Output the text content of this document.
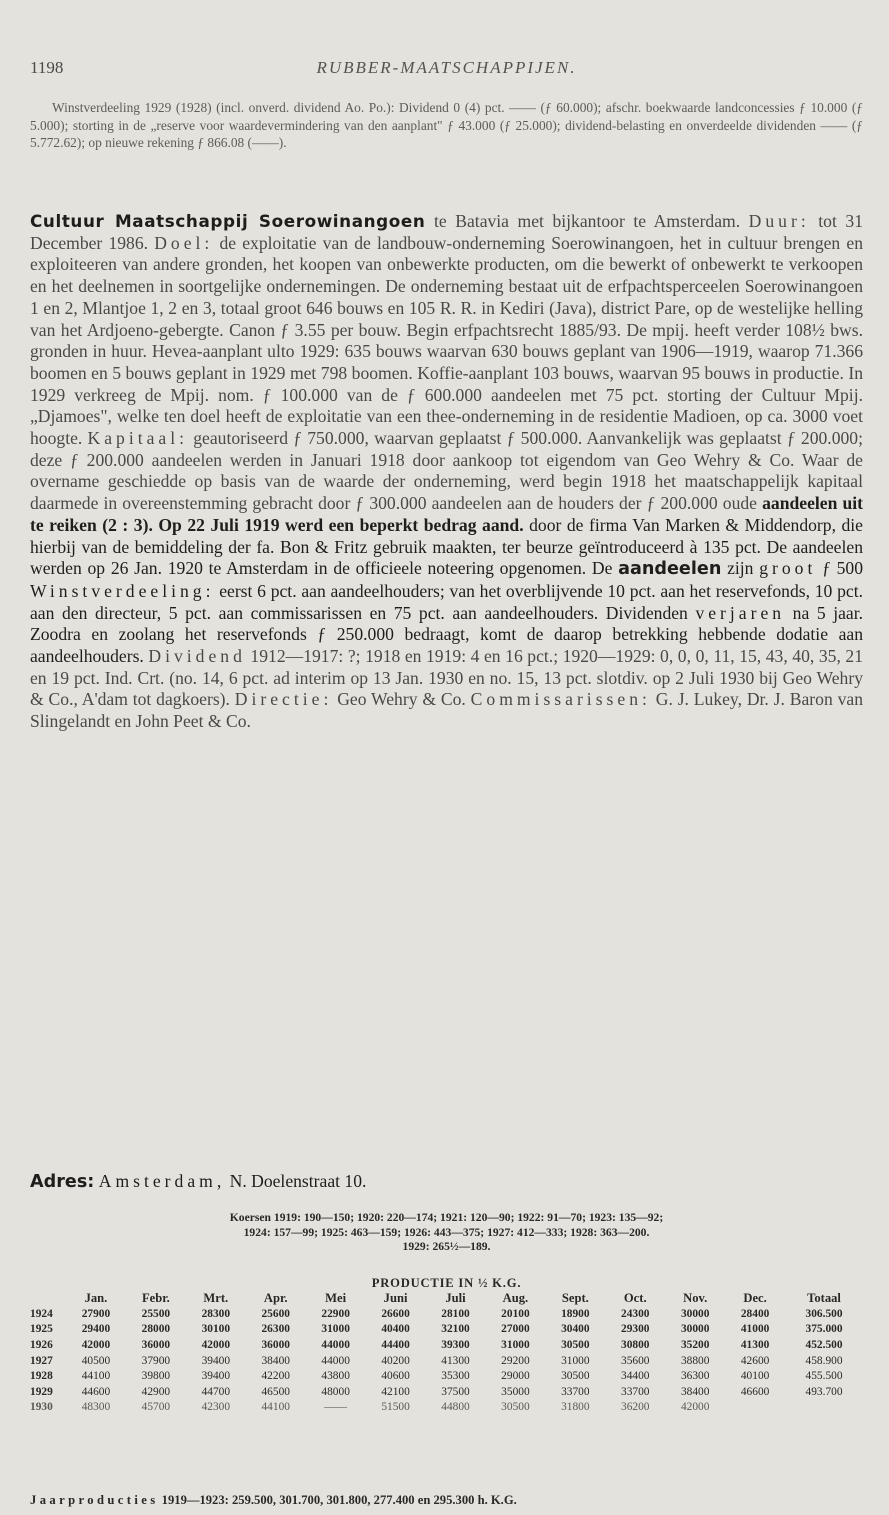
1198	RUBBER-MAATSCHAPPIJEN.

Winstverdeeling 1929 (1928) (incl. onverd. dividend Ao. Po.): Dividend 0 (4) pct. —— (ƒ 60.000); afschr. boekwaarde landconcessies ƒ 10.000 (ƒ 5.000); storting in de „reserve voor waardevermindering van den aanplant" ƒ 43.000 (ƒ 25.000); dividend-belasting en onverdeelde dividenden —— (ƒ 5.772.62); op nieuwe rekening ƒ 866.08 (——).

Cultuur Maatschappij Soerowinangoen te Batavia met bijkantoor te Amsterdam. Duur: tot 31 December 1986. Doel: de exploitatie van de landbouw-onderneming Soerowinangoen, het in cultuur brengen en exploiteeren van andere gronden, het koopen van onbewerkte producten, om die bewerkt of onbewerkt te verkoopen en het deelnemen in soortgelijke ondernemingen. De onderneming bestaat uit de erfpachtsperceelen Soerowinangoen 1 en 2, Mlantjoe 1, 2 en 3, totaal groot 646 bouws en 105 R. R. in Kediri (Java), district Pare, op de westelijke helling van het Ardjoeno-gebergte. Canon ƒ 3.55 per bouw. Begin erfpachtsrecht 1885/93. De mpij. heeft verder 108½ bws. gronden in huur. Hevea-aanplant ulto 1929: 635 bouws waarvan 630 bouws geplant van 1906—1919, waarop 71.366 boomen en 5 bouws geplant in 1929 met 798 boomen. Koffie-aanplant 103 bouws, waarvan 95 bouws in productie. In 1929 verkreeg de Mpij. nom. ƒ 100.000 van de ƒ 600.000 aandeelen met 75 pct. storting der Cultuur Mpij. „Djamoes", welke ten doel heeft de exploitatie van een thee-onderneming in de residentie Madioen, op ca. 3000 voet hoogte. Kapitaal: geautoriseerd ƒ 750.000, waarvan geplaatst ƒ 500.000. Aanvankelijk was geplaatst ƒ 200.000; deze ƒ 200.000 aandeelen werden in Januari 1918 door aankoop tot eigendom van Geo Wehry & Co. Waar de overname geschiedde op basis van de waarde der onderneming, werd begin 1918 het maatschappelijk kapitaal daarmede in overeenstemming gebracht door ƒ 300.000 aandeelen aan de houders der ƒ 200.000 oude aandeelen uit te reiken (2 : 3). Op 22 Juli 1919 werd een beperkt bedrag aand. door de firma Van Marken & Middendorp, die hierbij van de bemiddeling der fa. Bon & Fritz gebruik maakten, ter beurze geïntroduceerd à 135 pct. De aandeelen werden op 26 Jan. 1920 te Amsterdam in de officieele noteering opgenomen. De aandeelen zijn groot ƒ 500 Winstverdeeling: eerst 6 pct. aan aandeelhouders; van het overblijvende 10 pct. aan het reservefonds, 10 pct. aan den directeur, 5 pct. aan commissarissen en 75 pct. aan aandeelhouders. Dividenden verjaren na 5 jaar. Zoodra en zoolang het reservefonds ƒ 250.000 bedraagt, komt de daarop betrekking hebbende dodatie aan aandeelhouders. Dividend 1912—1917: ?; 1918 en 1919: 4 en 16 pct.; 1920—1929: 0, 0, 0, 11, 15, 43, 40, 35, 21 en 19 pct. Ind. Crt. (no. 14, 6 pct. ad interim op 13 Jan. 1930 en no. 15, 13 pct. slotdiv. op 2 Juli 1930 bij Geo Wehry & Co., A'dam tot dagkoers). Directie: Geo Wehry & Co. Commissarissen: G. J. Lukey, Dr. J. Baron van Slingelandt en John Peet & Co.

Adres: Amsterdam, N. Doelenstraat 10.
Koersen 1919: 190—150; 1920: 220—174; 1921: 120—90; 1922: 91—70; 1923: 135—92;
1924: 157—99; 1925: 463—159; 1926: 443—375; 1927: 412—333; 1928: 363—200.
1929: 265½—189.
PRODUCTIE IN ½ K.G.
	Jan.	Febr.	Mrt.	Apr.	Mei	Juni	Juli	Aug.	Sept.	Oct.	Nov.	Dec.	Totaal
1924	27900	25500	28300	25600	22900	26600	28100	20100	18900	24300	30000	28400	306.500
1925	29400	28000	30100	26300	31000	40400	32100	27000	30400	29300	30000	41000	375.000
1926	42000	36000	42000	36000	44000	44400	39300	31000	30500	30800	35200	41300	452.500
1927	40500	37900	39400	38400	44000	40200	41300	29200	31000	35600	38800	42600	458.900
1928	44100	39800	39400	42200	43800	40600	35300	29000	30500	34400	36300	40100	455.500
1929	44600	42900	44700	46500	48000	42100	37500	35000	33700	33700	38400	46600	493.700
1930	48300	45700	42300	44100	——	51500	44800	30500	31800	36200	42000		
Jaarproducties 1919—1923: 259.500, 301.700, 301.800, 277.400 en 295.300 h. K.G.
